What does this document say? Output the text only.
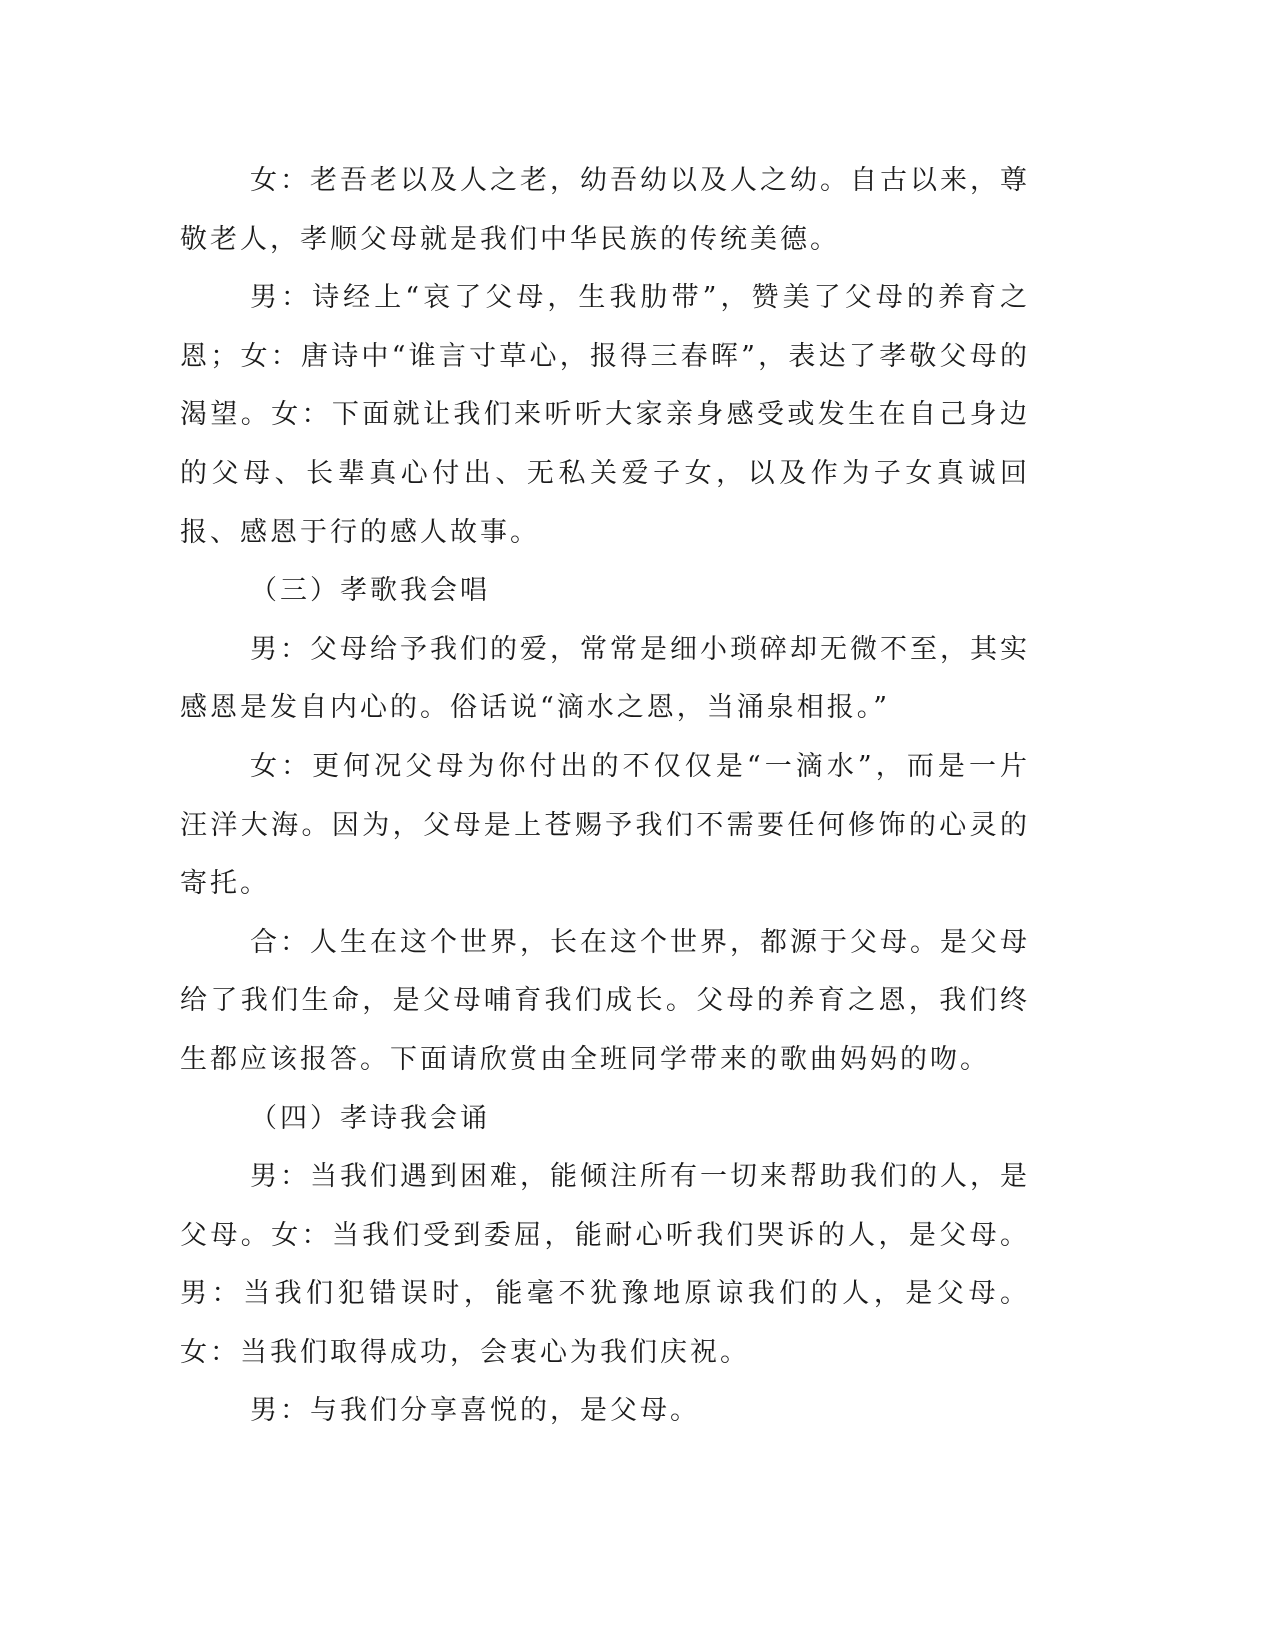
女：老吾老以及人之老，幼吾幼以及人之幼。自古以来，尊敬老人，孝顺父母就是我们中华民族的传统美德。

男：诗经上“哀了父母，生我肋带”，赞美了父母的养育之恩；女：唐诗中“谁言寸草心，报得三春晖”，表达了孝敬父母的渴望。女：下面就让我们来听听大家亲身感受或发生在自己身边的父母、长辈真心付出、无私关爱子女，以及作为子女真诚回报、感恩于行的感人故事。

（三）孝歌我会唱

男：父母给予我们的爱，常常是细小琐碎却无微不至，其实感恩是发自内心的。俗话说“滴水之恩，当涌泉相报。”

女：更何况父母为你付出的不仅仅是“一滴水”，而是一片汪洋大海。因为，父母是上苍赐予我们不需要任何修饰的心灵的寄托。

合：人生在这个世界，长在这个世界，都源于父母。是父母给了我们生命，是父母哺育我们成长。父母的养育之恩，我们终生都应该报答。下面请欣赏由全班同学带来的歌曲妈妈的吻。

（四）孝诗我会诵

男：当我们遇到困难，能倾注所有一切来帮助我们的人，是父母。女：当我们受到委屈，能耐心听我们哭诉的人，是父母。男：当我们犯错误时，能毫不犹豫地原谅我们的人，是父母。女：当我们取得成功，会衷心为我们庆祝。

男：与我们分享喜悦的，是父母。
